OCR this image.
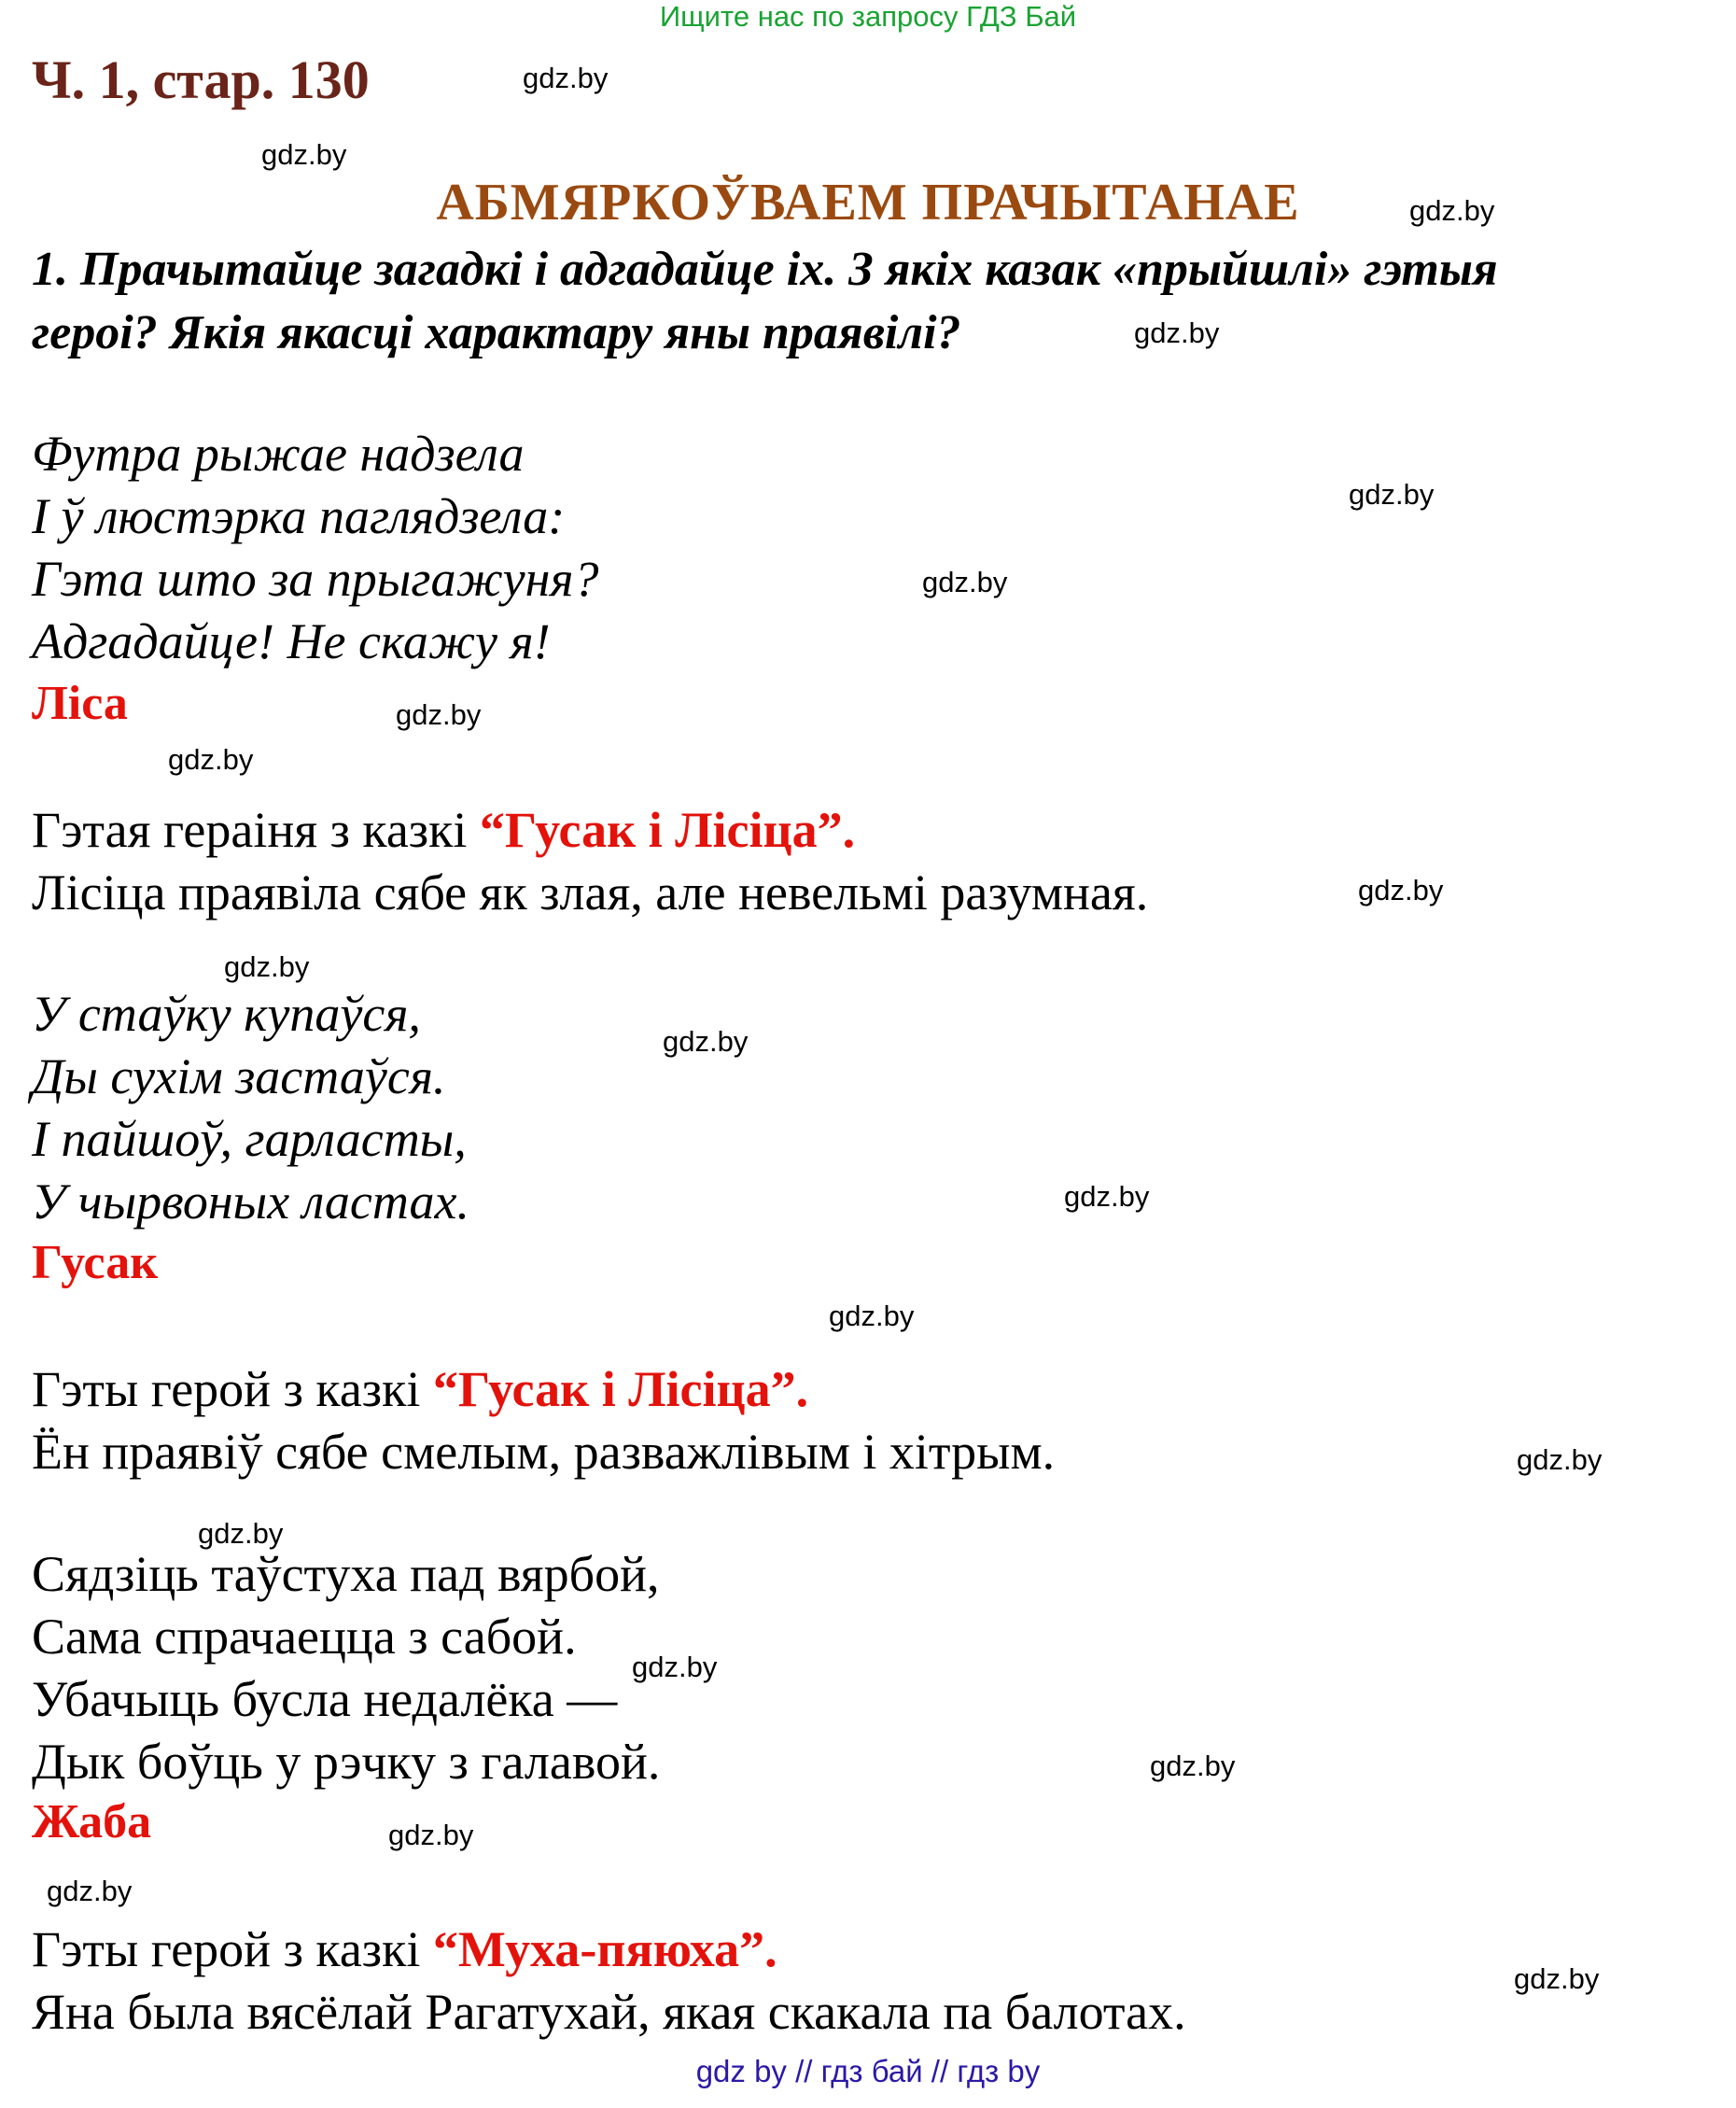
Ищите нас по запросу ГДЗ Бай
Ч. 1, стар. 130
АБМЯРКОЎВАЕМ ПРАЧЫТАНАЕ
1. Прачытайце загадкі і адгадайце іх. З якіх казак «прыйшлі» гэтыя
героі? Якія якасці характару яны праявілі?
Футра рыжае надзела
І ў люстэрка паглядзела:
Гэта што за прыгажуня?
Адгадайце! Не скажу я!
Ліса
Гэтая гераіня з казкі “Гусак і Лісіца”.
Лісіца праявіла сябе як злая, але невельмі разумная.
У стаўку купаўся,
Ды сухім застаўся.
І пайшоў, гарласты,
У чырвоных ластах.
Гусак
Гэты герой з казкі “Гусак і Лісіца”.
Ён праявіў сябе смелым, разважлівым і хітрым.
Сядзіць таўстуха пад вярбой,
Сама спрачаецца з сабой.
Убачыць бусла недалёка —
Дык боўць у рэчку з галавой.
Жаба
Гэты герой з казкі “Муха-пяюха”.
Яна была вясёлай Рагатухай, якая скакала па балотах.
gdz.by
gdz.by
gdz.by
gdz.by
gdz.by
gdz.by
gdz.by
gdz.by
gdz.by
gdz.by
gdz.by
gdz.by
gdz.by
gdz.by
gdz.by
gdz.by
gdz.by
gdz.by
gdz.by
gdz.by
gdz by // гдз бай // гдз by
